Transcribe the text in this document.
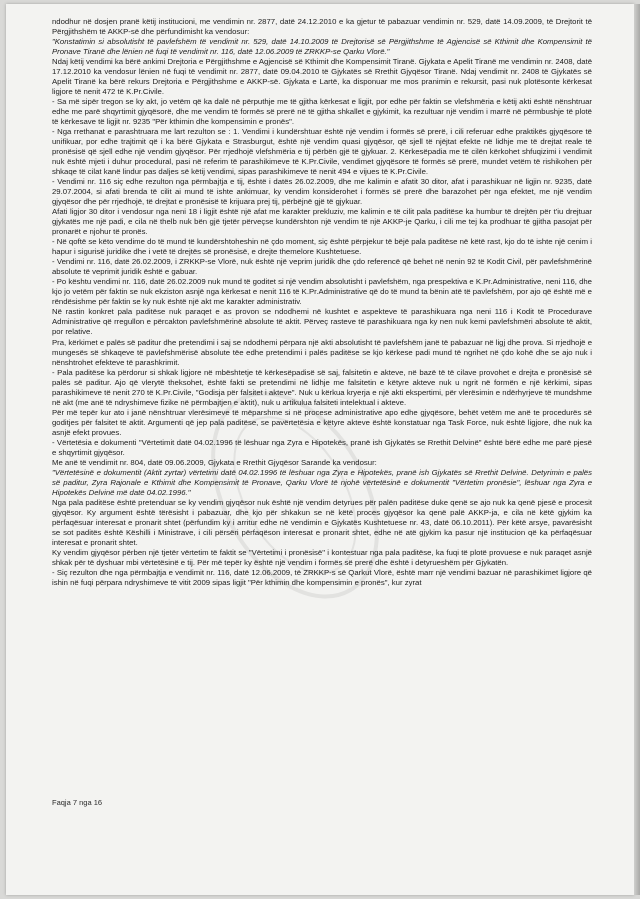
ndodhur në dosjen pranë këtij institucioni, me vendimin nr. 2877, datë 24.12.2010 e ka gjetur të pabazuar vendimin nr. 529, datë 14.09.2009, të Drejtorit të Përgjithshëm të AKKP-së dhe përfundimisht ka vendosur:

"Konstatimin si absolutisht të pavlefshëm të vendimit nr. 529, datë 14.10.2009 të Drejtorisë së Përgjithshme të Agjencisë së Kthimit dhe Kompensimit të Pronave Tiranë dhe lënien në fuqi të vendimit nr. 116, datë 12.06.2009 të ZRKKP-se Qarku Vlorë."

Ndaj këtij vendimi ka bërë ankimi Drejtoria e Përgjithshme e Agjencisë së Kthimit dhe Kompensimit Tiranë. Gjykata e Apelit Tiranë me vendimin nr. 2408, datë 17.12.2010 ka vendosur lënien në fuqi të vendimit nr. 2877, datë 09.04.2010 të Gjykatës së Rrethit Gjyqësor Tiranë. Ndaj vendimit nr. 2408 të Gjykatës së Apelit Tiranë ka bërë rekurs Drejtoria e Përgjithshme e AKKP-së. Gjykata e Lartë, ka disponuar me mos pranimin e rekursit, pasi nuk plotësonte kërkesat ligjore të nenit 472 të K.Pr.Civile.

- Sa më sipër tregon se ky akt, jo vetëm që ka dalë në përputhje me të gjitha kërkesat e ligjit, por edhe për faktin se vlefshmëria e këtij akti është nënshtruar edhe me parë shqyrtimit gjyqësorë, dhe me vendim të formës së prerë në të gjitha shkallet e gjykimit, ka rezultuar një vendim i marrë në përmbushje të plotë të kërkesave të ligjit nr. 9235 "Për kthimin dhe kompensimin e pronës".

- Nga rrethanat e parashtruara me lart rezulton se : 1. Vendimi i kundërshtuar është një vendim i formës së prerë, i cili referuar edhe praktikës gjyqësore të unifikuar, por edhe trajtimit që i ka bërë Gjykata e Strasburgut, është një vendim quasi gjyqësor, që sjell të njëjtat efekte në lidhje me të drejtat reale të pronësisë që sjell edhe një vendim gjyqësor. Për rrjedhojë vlefshmëria e tij përbën gjë të gjykuar. 2. Kërkesëpadia me të cilën kërkohet shfuqizimi i vendimit nuk është mjeti i duhur procedural, pasi në referim të parashikimeve të K.Pr.Civile, vendimet gjyqësore të formës së prerë, mundet vetëm të rishikohen për shkaqe të cilat kanë lindur pas daljes së këtij vendimi, sipas parashikimeve të nenit 494 e vijues të K.Pr.Civile.

- Vendimi nr. 116 siç edhe rezulton nga përmbajtja e tij, është i datës 26.02.2009, dhe me kalimin e afatit 30 ditor, afat i parashikuar në ligjin nr. 9235, datë 29.07.2004, si afati brenda të cilit ai mund të ishte ankimuar, ky vendim konsiderohet i formës së prerë dhe barazohet për nga efektet, me një vendim gjyqësor dhe për rrjedhojë, të drejtat e pronësisë të krijuara prej tij, përbëjnë gjë të gjykuar.

Afati ligjor 30 ditor i vendosur nga neni 18 i ligjit është një afat me karakter prekluziv, me kalimin e të cilit pala paditëse ka humbur të drejtën për t'iu drejtuar gjykatës me një padi, e cila në thelb nuk bën gjë tjetër përveçse kundërshton një vendim të një AKKP-je Qarku, i cili me tej ka prodhuar të gjitha pasojat për pronarët e njohur të pronës.

- Në qoftë se këto vendime do të mund të kundërshtoheshin në çdo moment, siç është përpjekur të bëjë pala paditëse në këtë rast, kjo do të ishte një cenim i hapur i sigurisë juridike dhe i vetë të drejtës së pronësisë, e drejte themelore Kushtetuese.

- Vendimi nr. 116, datë 26.02.2009, i ZRKKP-se Vlorë, nuk është një veprim juridik dhe çdo referencë që behet në nenin 92 të Kodit Civil, për pavlefshmërinë absolute të veprimit juridik është e gabuar.

- Po kështu vendimi nr. 116, datë 26.02.2009 nuk mund të goditet si një vendim absolutisht i pavlefshëm, nga prespektiva e K.Pr.Administrative, neni 116, dhe kjo jo vetëm për faktin se nuk ekziston asnjë nga kërkesat e nenit 116 të K.Pr.Administrative që do të mund ta bënin atë të pavlefshëm, por ajo që është më e rëndësishme për faktin se ky nuk është një akt me karakter administrativ.

Në rastin konkret pala paditëse nuk paraqet e as provon se ndodhemi në kushtet e aspekteve të parashikuara nga neni 116 i Kodit të Procedurave Administrative që rregullon e përcakton pavlefshmërinë absolute të aktit. Përveç rasteve të parashikuara nga ky nen nuk kemi pavlefshmëri absolute të aktit, por relative.

Pra, kërkimet e palës së paditur dhe pretendimi i saj se ndodhemi përpara një akti absolutisht të pavlefshëm janë të pabazuar në ligj dhe prova. Si rrjedhojë e mungesës së shkaqeve të pavlefshmërisë absolute tëe edhe pretendimi i palës paditëse se kjo kërkese padi mund të ngrihet në çdo kohë dhe se ajo nuk i nënshtrohet efekteve të parashkrimit.

- Pala paditëse ka përdorur si shkak ligjore në mbështetje të kërkesëpadisë së saj, falsitetin e akteve, në bazë të të cilave provohet e drejta e pronësisë së palës së paditur. Ajo që vlerytë theksohet, është fakti se pretendimi në lidhje me falsitetin e këtyre akteve nuk u ngrit në formën e një kërkimi, sipas parashikimeve të nenit 270 të K.Pr.Civile, "Godisja për falsitet i akteve". Nuk u kërkua kryerja e një akti ekspertimi, për vlerësimin e ndërhyrjeve të mundshme në akt (me anë të ndryshimeve fizike në përmbajtjen e aktit), nuk u artikulua falsiteti intelektual i akteve.

Për më tepër kur ato i janë nënshtruar vlerësimeve të mëparshme si në procese administrative apo edhe gjyqësore, behët vetëm me anë te procedurës së goditjes për falsitet të aktit. Argumenti që jep pala paditëse, se pavërtetësia e këtyre akteve është konstatuar nga Task Force, nuk është ligjore, dhe nuk ka asnjë efekt provues.

- Vërtetësia e dokumenti "Vërtetimit datë 04.02.1996 të lëshuar nga Zyra e Hipotekës, pranë ish Gjykatës se Rrethit Delvinë" është bërë edhe me parë pjesë e shqyrtimit gjyqësor.

Me anë të vendimit nr. 804, datë 09.06.2009, Gjykata e Rrethit Gjyqësor Sarande ka vendosur:

"Vërtetësinë e dokumentit (Aktit zyrtar) vërtetimi datë 04.02.1996 të lëshuar nga Zyra e Hipotekës, pranë ish Gjykatës së Rrethit Delvinë. Detyrimin e palës së paditur, Zyra Rajonale e Kthimit dhe Kompensimit të Pronave, Qarku Vlorë të njohë vërtetësinë e dokumentit "Vërtetim pronësie", lëshuar nga Zyra e Hipotekës Delvinë më datë 04.02.1996."

Nga pala paditëse është pretenduar se ky vendim gjyqësor nuk është një vendim detyrues për palën paditëse duke qenë se ajo nuk ka qenë pjesë e procesit gjyqësor. Ky argument është tërësisht i pabazuar, dhe kjo për shkakun se në këtë proces gjyqësor ka qenë palë AKKP-ja, e cila në këtë gjykim ka përfaqësuar interesat e pronarit shtet (përfundim ky i arritur edhe në vendimin e Gjykatës Kushtetuese nr. 43, datë 06.10.2011). Për këtë arsye, pavarësisht se sot paditës është Këshilli i Ministrave, i cili përsëri përfaqëson interesat e pronarit shtet, edhe në atë gjykim ka pasur një institucion që ka përfaqësuar interesat e pronarit shtet.

Ky vendim gjyqësor përben një tjetër vërtetim të faktit se "Vërtetimi i pronësisë" i kontestuar nga pala paditëse, ka fuqi të plotë provuese e nuk paraqet asnjë shkak për të dyshuar mbi vërtetësinë e tij. Për më tepër ky është një vendim i formës së prerë dhe është i detyrueshëm për Gjykatën.

- Siç rezulton dhe nga përmbajtja e vendimit nr. 116, datë 12.06.2009, të ZRKKP-s së Qarkut Vlorë, është marr një vendimi bazuar në parashikimet ligjore që ishin në fuqi përpara ndryshimeve të vitit 2009 sipas ligjit "Për kthimin dhe kompensimin e pronës", kur zyrat

Faqja 7 nga 16
